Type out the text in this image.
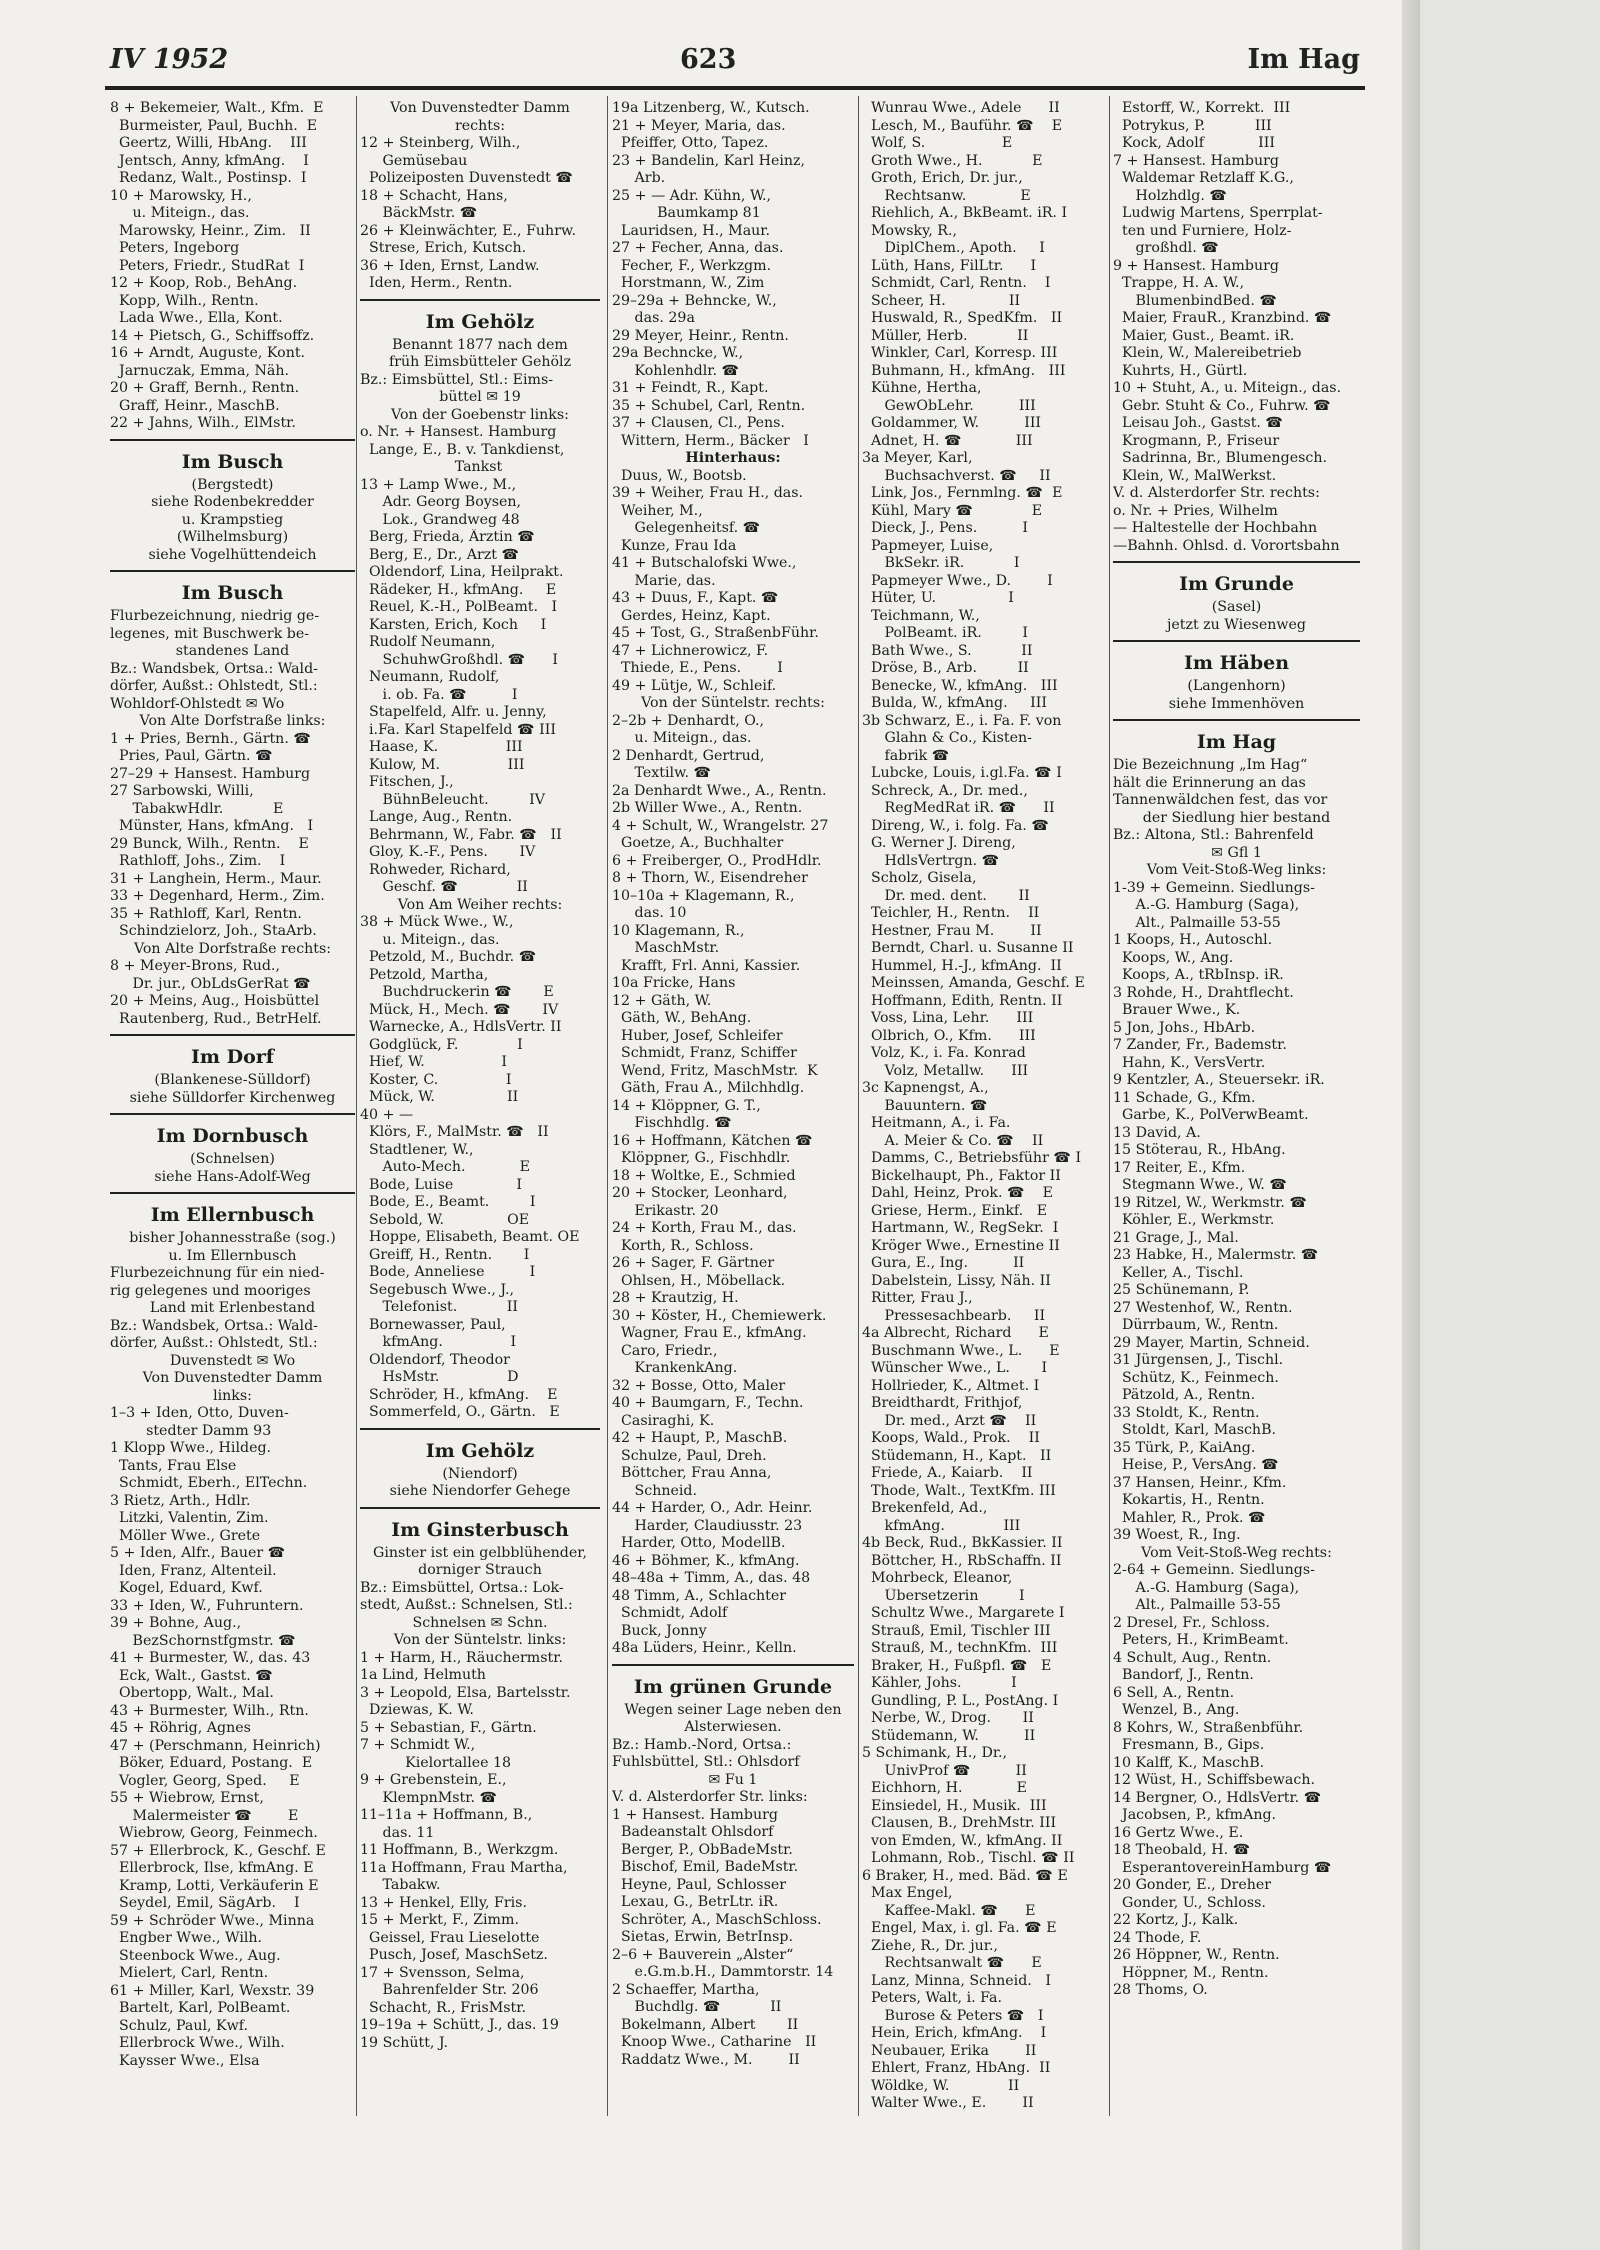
IV 1952	623	Im Hag
8 + Bekemeier, Walt., Kfm.  E
Burmeister, Paul, Buchh.  E
Geertz, Willi, HbAng.    III
Jentsch, Anny, kfmAng.    I
Redanz, Walt., Postinsp.  I
10 + Marowsky, H.,
u. Miteign., das.
Marowsky, Heinr., Zim.   II
Peters, Ingeborg
Peters, Friedr., StudRat  I
12 + Koop, Rob., BehAng.
Kopp, Wilh., Rentn.
Lada Wwe., Ella, Kont.
14 + Pietsch, G., Schiffsoffz.
16 + Arndt, Auguste, Kont.
Jarnuczak, Emma, Näh.
20 + Graff, Bernh., Rentn.
Graff, Heinr., MaschB.
22 + Jahns, Wilh., ElMstr.
Im Busch
(Bergstedt)
siehe Rodenbekredder
u. Krampstieg
(Wilhelmsburg)
siehe Vogelhüttendeich
Im Busch
Flurbezeichnung, niedrig ge-
legenes, mit Buschwerk be-
standenes Land
Bz.: Wandsbek, Ortsa.: Wald-
dörfer, Außst.: Ohlstedt, Stl.:
Wohldorf-Ohlstedt ✉ Wo
Von Alte Dorfstraße links:
1 + Pries, Bernh., Gärtn. ☎
Pries, Paul, Gärtn. ☎
27–29 + Hansest. Hamburg
27 Sarbowski, Willi,
TabakwHdlr.           E
Münster, Hans, kfmAng.   I
29 Bunck, Wilh., Rentn.    E
Rathloff, Johs., Zim.    I
31 + Langhein, Herm., Maur.
33 + Degenhard, Herm., Zim.
35 + Rathloff, Karl, Rentn.
Schindzielorz, Joh., StaArb.
Von Alte Dorfstraße rechts:
8 + Meyer-Brons, Rud.,
Dr. jur., ObLdsGerRat ☎
20 + Meins, Aug., Hoisbüttel
Rautenberg, Rud., BetrHelf.
Im Dorf
(Blankenese-Sülldorf)
siehe Sülldorfer Kirchenweg
Im Dornbusch
(Schnelsen)
siehe Hans-Adolf-Weg
Im Ellernbusch
bisher Johannesstraße (sog.)
u. Im Ellernbusch
Flurbezeichnung für ein nied-
rig gelegenes und mooriges
Land mit Erlenbestand
Bz.: Wandsbek, Ortsa.: Wald-
dörfer, Außst.: Ohlstedt, Stl.:
Duvenstedt ✉ Wo
Von Duvenstedter Damm
links:
1–3 + Iden, Otto, Duven-
stedter Damm 93
1 Klopp Wwe., Hildeg.
Tants, Frau Else
Schmidt, Eberh., ElTechn.
3 Rietz, Arth., Hdlr.
Litzki, Valentin, Zim.
Möller Wwe., Grete
5 + Iden, Alfr., Bauer ☎
Iden, Franz, Altenteil.
Kogel, Eduard, Kwf.
33 + Iden, W., Fuhruntern.
39 + Bohne, Aug.,
BezSchornstfgmstr. ☎
41 + Burmester, W., das. 43
Eck, Walt., Gastst. ☎
Obertopp, Walt., Mal.
43 + Burmester, Wilh., Rtn.
45 + Röhrig, Agnes
47 + (Perschmann, Heinrich)
Böker, Eduard, Postang.  E
Vogler, Georg, Sped.     E
55 + Wiebrow, Ernst,
Malermeister ☎        E
Wiebrow, Georg, Feinmech.
57 + Ellerbrock, K., Geschf. E
Ellerbrock, Ilse, kfmAng. E
Kramp, Lotti, Verkäuferin E
Seydel, Emil, SägArb.    I
59 + Schröder Wwe., Minna
Engber Wwe., Wilh.
Steenbock Wwe., Aug.
Mielert, Carl, Rentn.
61 + Miller, Karl, Wexstr. 39
Bartelt, Karl, PolBeamt.
Schulz, Paul, Kwf.
Ellerbrock Wwe., Wilh.
Kaysser Wwe., Elsa
Von Duvenstedter Damm
rechts:
12 + Steinberg, Wilh.,
Gemüsebau
Polizeiposten Duvenstedt ☎
18 + Schacht, Hans,
BäckMstr. ☎
26 + Kleinwächter, E., Fuhrw.
Strese, Erich, Kutsch.
36 + Iden, Ernst, Landw.
Iden, Herm., Rentn.
Im Gehölz
Benannt 1877 nach dem
früh Eimsbütteler Gehölz
Bz.: Eimsbüttel, Stl.: Eims-
büttel ✉ 19
Von der Goebenstr links:
o. Nr. + Hansest. Hamburg
Lange, E., B. v. Tankdienst,
Tankst
13 + Lamp Wwe., M.,
Adr. Georg Boysen,
Lok., Grandweg 48
Berg, Frieda, Ärztin ☎
Berg, E., Dr., Arzt ☎
Oldendorf, Lina, Heilprakt.
Rädeker, H., kfmAng.     E
Reuel, K.-H., PolBeamt.   I
Karsten, Erich, Koch     I
Rudolf Neumann,
SchuhwGroßhdl. ☎      I
Neumann, Rudolf,
i. ob. Fa. ☎          I
Stapelfeld, Alfr. u. Jenny,
i.Fa. Karl Stapelfeld ☎ III
Haase, K.               III
Kulow, M.               III
Fitschen, J.,
BühnBeleucht.         IV
Lange, Aug., Rentn.
Behrmann, W., Fabr. ☎   II
Gloy, K.-F., Pens.       IV
Rohweder, Richard,
Geschf. ☎             II
Von Am Weiher rechts:
38 + Mück Wwe., W.,
u. Miteign., das.
Petzold, M., Buchdr. ☎
Petzold, Martha,
Buchdruckerin ☎       E
Mück, H., Mech. ☎       IV
Warnecke, A., HdlsVertr. II
Godglück, F.             I
Hief, W.                 I
Koster, C.               I
Mück, W.                II
40 + —
Klörs, F., MalMstr. ☎   II
Stadtlener, W.,
Auto-Mech.            E
Bode, Luise              I
Bode, E., Beamt.         I
Sebold, W.              OE
Hoppe, Elisabeth, Beamt. OE
Greiff, H., Rentn.       I
Bode, Anneliese          I
Segebusch Wwe., J.,
Telefonist.           II
Bornewasser, Paul,
kfmAng.               I
Oldendorf, Theodor
HsMstr.               D
Schröder, H., kfmAng.    E
Sommerfeld, O., Gärtn.   E
Im Gehölz
(Niendorf)
siehe Niendorfer Gehege
Im Ginsterbusch
Ginster ist ein gelbblühender,
dorniger Strauch
Bz.: Eimsbüttel, Ortsa.: Lok-
stedt, Außst.: Schnelsen, Stl.:
Schnelsen ✉ Schn.
Von der Süntelstr. links:
1 + Harm, H., Räuchermstr.
1a Lind, Helmuth
3 + Leopold, Elsa, Bartelsstr.
Dziewas, K. W.
5 + Sebastian, F., Gärtn.
7 + Schmidt W.,
Kielortallee 18
9 + Grebenstein, E.,
KlempnMstr. ☎
11–11a + Hoffmann, B.,
das. 11
11 Hoffmann, B., Werkzgm.
11a Hoffmann, Frau Martha,
Tabakw.
13 + Henkel, Elly, Fris.
15 + Merkt, F., Zimm.
Geissel, Frau Lieselotte
Pusch, Josef, MaschSetz.
17 + Svensson, Selma,
Bahrenfelder Str. 206
Schacht, R., FrisMstr.
19–19a + Schütt, J., das. 19
19 Schütt, J.
19a Litzenberg, W., Kutsch.
21 + Meyer, Maria, das.
Pfeiffer, Otto, Tapez.
23 + Bandelin, Karl Heinz,
Arb.
25 + — Adr. Kühn, W.,
Baumkamp 81
Lauridsen, H., Maur.
27 + Fecher, Anna, das.
Fecher, F., Werkzgm.
Horstmann, W., Zim
29–29a + Behncke, W.,
das. 29a
29 Meyer, Heinr., Rentn.
29a Bechncke, W.,
Kohlenhdlr. ☎
31 + Feindt, R., Kapt.
35 + Schubel, Carl, Rentn.
37 + Clausen, Cl., Pens.
Wittern, Herm., Bäcker   I
Hinterhaus:
Duus, W., Bootsb.
39 + Weiher, Frau H., das.
Weiher, M.,
Gelegenheitsf. ☎
Kunze, Frau Ida
41 + Butschalofski Wwe.,
Marie, das.
43 + Duus, F., Kapt. ☎
Gerdes, Heinz, Kapt.
45 + Tost, G., StraßenbFühr.
47 + Lichnerowicz, F.
Thiede, E., Pens.        I
49 + Lütje, W., Schleif.
Von der Süntelstr. rechts:
2–2b + Denhardt, O.,
u. Miteign., das.
2 Denhardt, Gertrud,
Textilw. ☎
2a Denhardt Wwe., A., Rentn.
2b Willer Wwe., A., Rentn.
4 + Schult, W., Wrangelstr. 27
Goetze, A., Buchhalter
6 + Freiberger, O., ProdHdlr.
8 + Thorn, W., Eisendreher
10–10a + Klagemann, R.,
das. 10
10 Klagemann, R.,
MaschMstr.
Krafft, Frl. Anni, Kassier.
10a Fricke, Hans
12 + Gäth, W.
Gäth, W., BehAng.
Huber, Josef, Schleifer
Schmidt, Franz, Schiffer
Wend, Fritz, MaschMstr.  K
Gäth, Frau A., Milchhdlg.
14 + Klöppner, G. T.,
Fischhdlg. ☎
16 + Hoffmann, Kätchen ☎
Klöppner, G., Fischhdlr.
18 + Woltke, E., Schmied
20 + Stocker, Leonhard,
Erikastr. 20
24 + Korth, Frau M., das.
Korth, R., Schloss.
26 + Sager, F. Gärtner
Ohlsen, H., Möbellack.
28 + Krautzig, H.
30 + Köster, H., Chemiewerk.
Wagner, Frau E., kfmAng.
Caro, Friedr.,
KrankenkAng.
32 + Bosse, Otto, Maler
40 + Baumgarn, F., Techn.
Casiraghi, K.
42 + Haupt, P., MaschB.
Schulze, Paul, Dreh.
Böttcher, Frau Anna,
Schneid.
44 + Harder, O., Adr. Heinr.
Harder, Claudiusstr. 23
Harder, Otto, ModellB.
46 + Böhmer, K., kfmAng.
48–48a + Timm, A., das. 48
48 Timm, A., Schlachter
Schmidt, Adolf
Buck, Jonny
48a Lüders, Heinr., Kelln.
Im grünen Grunde
Wegen seiner Lage neben den
Alsterwiesen.
Bz.: Hamb.-Nord, Ortsa.:
Fuhlsbüttel, Stl.: Ohlsdorf
✉ Fu 1
V. d. Alsterdorfer Str. links:
1 + Hansest. Hamburg
Badeanstalt Ohlsdorf
Berger, P., ObBadeMstr.
Bischof, Emil, BadeMstr.
Heyne, Paul, Schlosser
Lexau, G., BetrLtr. iR.
Schröter, A., MaschSchloss.
Sietas, Erwin, BetrInsp.
2–6 + Bauverein „Alster“
e.G.m.b.H., Dammtorstr. 14
2 Schaeffer, Martha,
Buchdlg. ☎           II
Bokelmann, Albert       II
Knoop Wwe., Catharine   II
Raddatz Wwe., M.        II
Wunrau Wwe., Adele      II
Lesch, M., Bauführ. ☎    E
Wolf, S.                 E
Groth Wwe., H.           E
Groth, Erich, Dr. jur.,
Rechtsanw.            E
Riehlich, A., BkBeamt. iR. I
Mowsky, R.,
DiplChem., Apoth.     I
Lüth, Hans, FilLtr.      I
Schmidt, Carl, Rentn.    I
Scheer, H.              II
Huswald, R., SpedKfm.   II
Müller, Herb.           II
Winkler, Carl, Korresp. III
Buhmann, H., kfmAng.   III
Kühne, Hertha,
GewObLehr.          III
Goldammer, W.          III
Adnet, H. ☎            III
3a Meyer, Karl,
Buchsachverst. ☎     II
Link, Jos., Fernmlng. ☎  E
Kühl, Mary ☎             E
Dieck, J., Pens.          I
Papmeyer, Luise,
BkSekr. iR.           I
Papmeyer Wwe., D.        I
Hüter, U.                I
Teichmann, W.,
PolBeamt. iR.         I
Bath Wwe., S.           II
Dröse, B., Arb.         II
Benecke, W., kfmAng.   III
Bulda, W., kfmAng.     III
3b Schwarz, E., i. Fa. F. von
Glahn & Co., Kisten-
fabrik ☎
Lubcke, Louis, i.gl.Fa. ☎ I
Schreck, A., Dr. med.,
RegMedRat iR. ☎      II
Direng, W., i. folg. Fa. ☎
G. Werner J. Direng,
HdlsVertrgn. ☎
Scholz, Gisela,
Dr. med. dent.       II
Teichler, H., Rentn.    II
Hestner, Frau M.        II
Berndt, Charl. u. Susanne II
Hummel, H.-J., kfmAng.  II
Meinssen, Amanda, Geschf. E
Hoffmann, Edith, Rentn. II
Voss, Lina, Lehr.      III
Olbrich, O., Kfm.      III
Volz, K., i. Fa. Konrad
Volz, Metallw.      III
3c Kapnengst, A.,
Bauuntern. ☎
Heitmann, A., i. Fa.
A. Meier & Co. ☎    II
Damms, C., Betriebsführ ☎ I
Bickelhaupt, Ph., Faktor II
Dahl, Heinz, Prok. ☎    E
Griese, Herm., Einkf.   E
Hartmann, W., RegSekr.  I
Kröger Wwe., Ernestine II
Gura, E., Ing.          II
Dabelstein, Lissy, Näh. II
Ritter, Frau J.,
Pressesachbearb.     II
4a Albrecht, Richard      E
Buschmann Wwe., L.      E
Wünscher Wwe., L.       I
Hollrieder, K., Altmet. I
Breidthardt, Frithjof,
Dr. med., Arzt ☎    II
Koops, Wald., Prok.    II
Stüdemann, H., Kapt.   II
Friede, A., Kaiarb.    II
Thode, Walt., TextKfm. III
Brekenfeld, Ad.,
kfmAng.             III
4b Beck, Rud., BkKassier. II
Böttcher, H., RbSchaffn. II
Mohrbeck, Eleanor,
Übersetzerin         I
Schultz Wwe., Margarete I
Strauß, Emil, Tischler III
Strauß, M., technKfm.  III
Braker, H., Fußpfl. ☎   E
Kähler, Johs.           I
Gundling, P. L., PostAng. I
Nerbe, W., Drog.       II
Stüdemann, W.          II
5 Schimank, H., Dr.,
UnivProf ☎          II
Eichhorn, H.            E
Einsiedel, H., Musik.  III
Clausen, B., DrehMstr. III
von Emden, W., kfmAng. II
Lohmann, Rob., Tischl. ☎ II
6 Braker, H., med. Bäd. ☎ E
Max Engel,
Kaffee-Makl. ☎      E
Engel, Max, i. gl. Fa. ☎ E
Ziehe, R., Dr. jur.,
Rechtsanwalt ☎      E
Lanz, Minna, Schneid.   I
Peters, Walt, i. Fa.
Burose & Peters ☎   I
Hein, Erich, kfmAng.    I
Neubauer, Erika        II
Ehlert, Franz, HbAng.  II
Wöldke, W.             II
Walter Wwe., E.        II
Estorff, W., Korrekt.  III
Potrykus, P.           III
Kock, Adolf            III
7 + Hansest. Hamburg
Waldemar Retzlaff K.G.,
Holzhdlg. ☎
Ludwig Martens, Sperrplat-
ten und Furniere, Holz-
großhdl. ☎
9 + Hansest. Hamburg
Trappe, H. A. W.,
BlumenbindBed. ☎
Maier, FrauR., Kranzbind. ☎
Maier, Gust., Beamt. iR.
Klein, W., Malereibetrieb
Kuhrts, H., Gürtl.
10 + Stuht, A., u. Miteign., das.
Gebr. Stuht & Co., Fuhrw. ☎
Leisau Joh., Gastst. ☎
Krogmann, P., Friseur
Sadrinna, Br., Blumengesch.
Klein, W., MalWerkst.
V. d. Alsterdorfer Str. rechts:
o. Nr. + Pries, Wilhelm
— Haltestelle der Hochbahn
—Bahnh. Ohlsd. d. Vorortsbahn
Im Grunde
(Sasel)
jetzt zu Wiesenweg
Im Häben
(Langenhorn)
siehe Immenhöven
Im Hag
Die Bezeichnung „Im Hag“
hält die Erinnerung an das
Tannenwäldchen fest, das vor
der Siedlung hier bestand
Bz.: Altona, Stl.: Bahrenfeld
✉ Gfl 1
Vom Veit-Stoß-Weg links:
1-39 + Gemeinn. Siedlungs-
A.-G. Hamburg (Saga),
Alt., Palmaille 53-55
1 Koops, H., Autoschl.
Koops, W., Ang.
Koops, A., tRbInsp. iR.
3 Rohde, H., Drahtflecht.
Brauer Wwe., K.
5 Jon, Johs., HbArb.
7 Zander, Fr., Bademstr.
Hahn, K., VersVertr.
9 Kentzler, A., Steuersekr. iR.
11 Schade, G., Kfm.
Garbe, K., PolVerwBeamt.
13 David, A.
15 Stöterau, R., HbAng.
17 Reiter, E., Kfm.
Stegmann Wwe., W. ☎
19 Ritzel, W., Werkmstr. ☎
Köhler, E., Werkmstr.
21 Grage, J., Mal.
23 Habke, H., Malermstr. ☎
Keller, A., Tischl.
25 Schünemann, P.
27 Westenhof, W., Rentn.
Dürrbaum, W., Rentn.
29 Mayer, Martin, Schneid.
31 Jürgensen, J., Tischl.
Schütz, K., Feinmech.
Pätzold, A., Rentn.
33 Stoldt, K., Rentn.
Stoldt, Karl, MaschB.
35 Türk, P., KaiAng.
Heise, P., VersAng. ☎
37 Hansen, Heinr., Kfm.
Kokartis, H., Rentn.
Mahler, R., Prok. ☎
39 Woest, R., Ing.
Vom Veit-Stoß-Weg rechts:
2-64 + Gemeinn. Siedlungs-
A.-G. Hamburg (Saga),
Alt., Palmaille 53-55
2 Dresel, Fr., Schloss.
Peters, H., KrimBeamt.
4 Schult, Aug., Rentn.
Bandorf, J., Rentn.
6 Sell, A., Rentn.
Wenzel, B., Ang.
8 Kohrs, W., Straßenbführ.
Fresmann, B., Gips.
10 Kalff, K., MaschB.
12 Wüst, H., Schiffsbewach.
14 Bergner, O., HdlsVertr. ☎
Jacobsen, P., kfmAng.
16 Gertz Wwe., E.
18 Theobald, H. ☎
EsperantovereinHamburg ☎
20 Gonder, E., Dreher
Gonder, U., Schloss.
22 Kortz, J., Kalk.
24 Thode, F.
26 Höppner, W., Rentn.
Höppner, M., Rentn.
28 Thoms, O.
